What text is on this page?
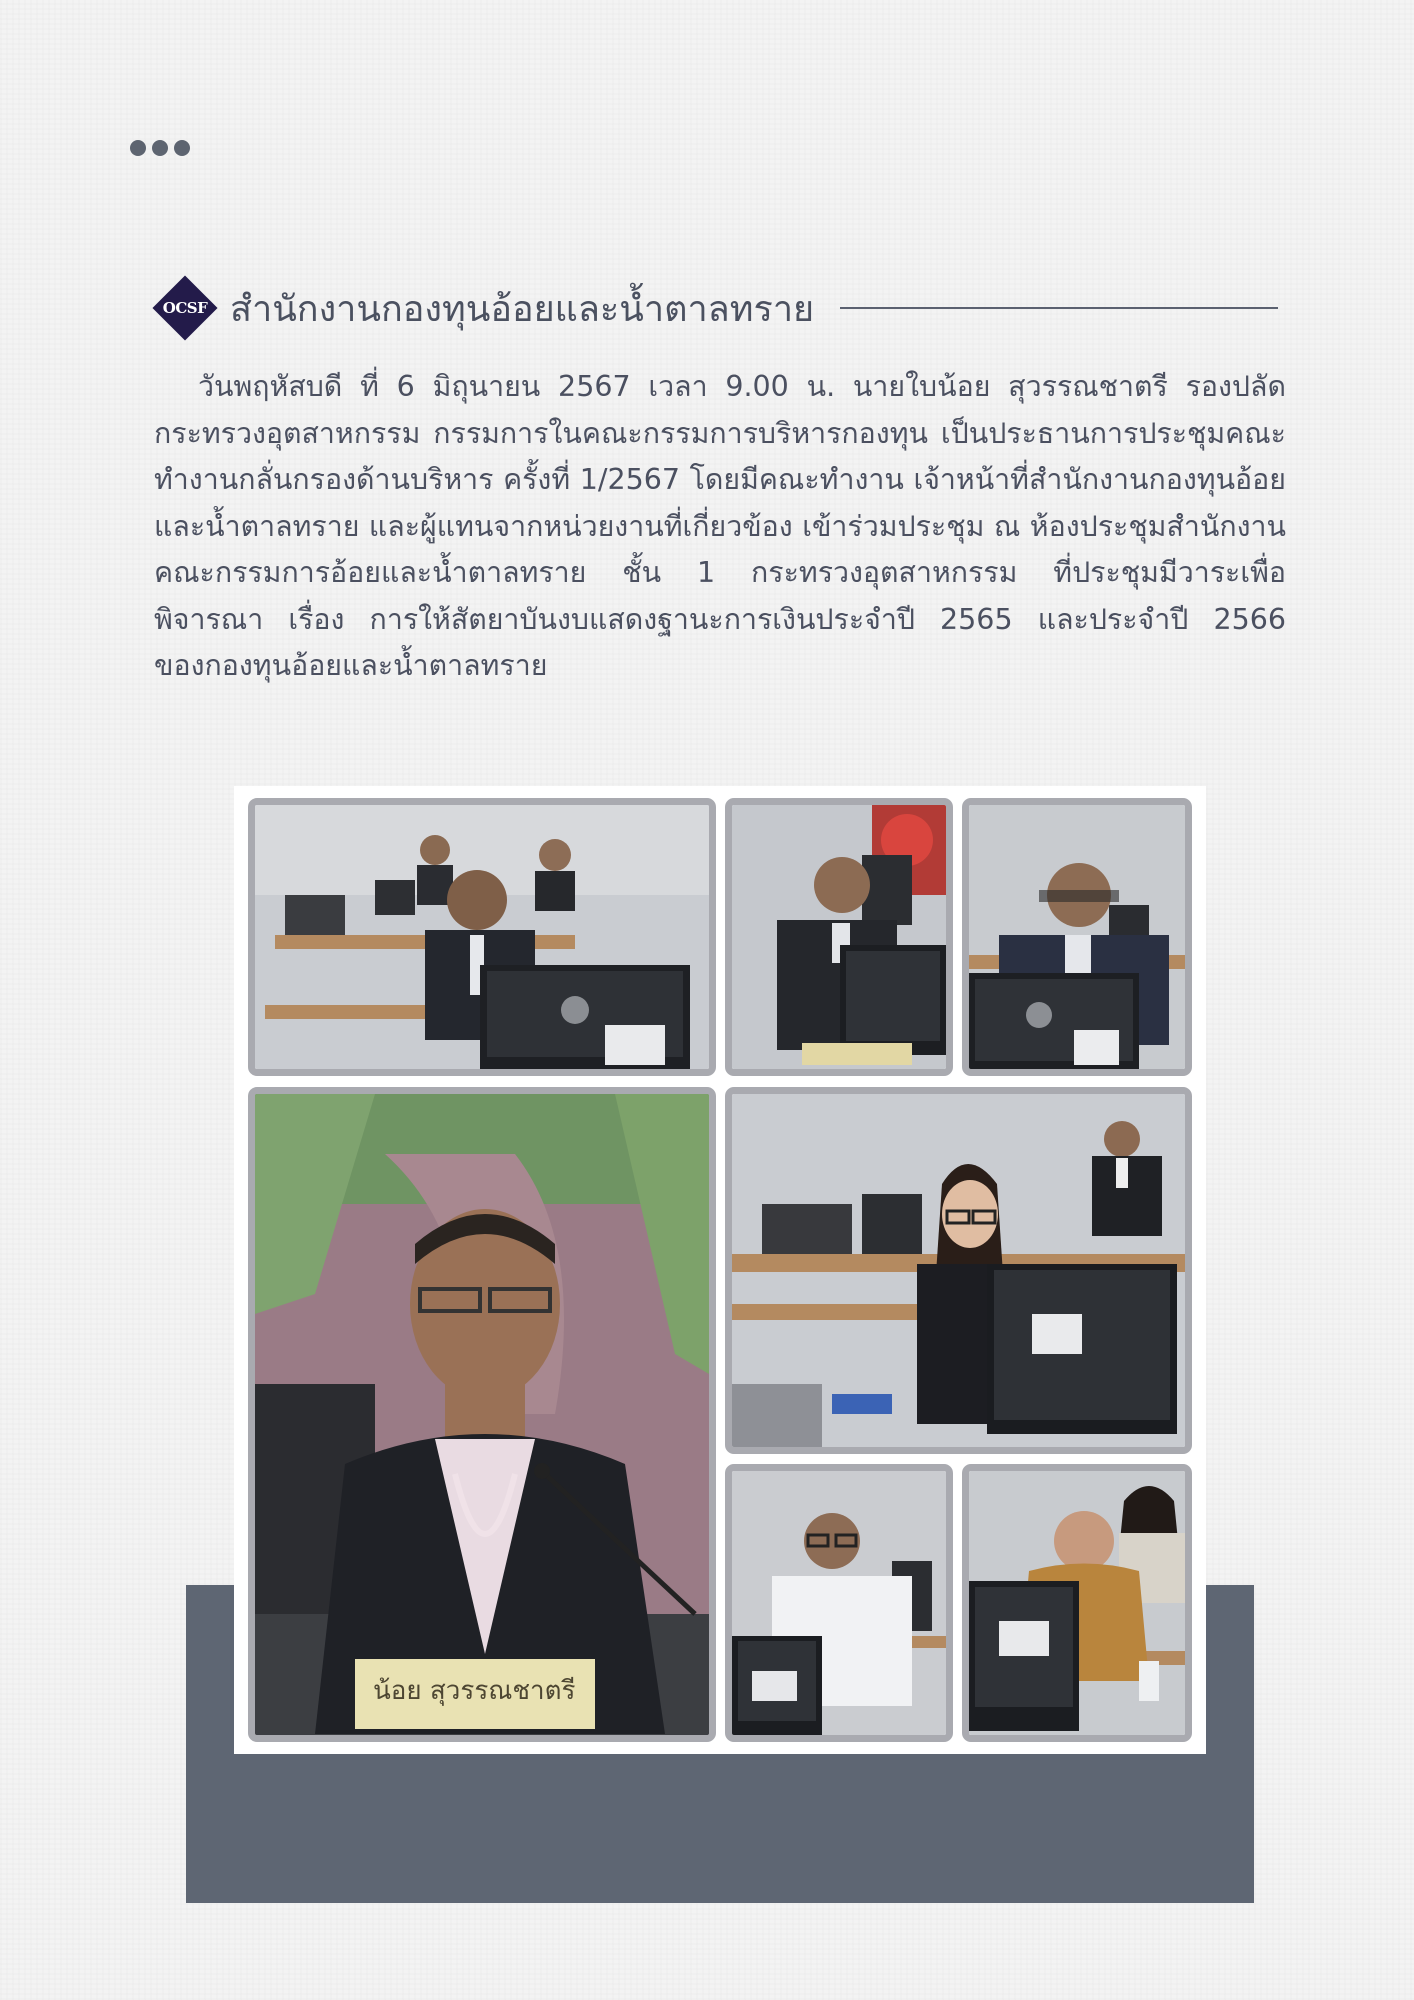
OCSF สำนักงานกองทุนอ้อยและน้ำตาลทราย

วันพฤหัสบดี ที่ 6 มิถุนายน 2567 เวลา 9.00 น. นายใบน้อย สุวรรณชาตรี รองปลัดกระทรวงอุตสาหกรรม กรรมการในคณะกรรมการบริหารกองทุน เป็นประธานการประชุมคณะทำงานกลั่นกรองด้านบริหาร ครั้งที่ 1/2567 โดยมีคณะทำงาน เจ้าหน้าที่สำนักงานกองทุนอ้อยและน้ำตาลทราย และผู้แทนจากหน่วยงานที่เกี่ยวข้อง เข้าร่วมประชุม ณ ห้องประชุมสำนักงานคณะกรรมการอ้อยและน้ำตาลทราย ชั้น 1 กระทรวงอุตสาหกรรม ที่ประชุมมีวาระเพื่อพิจารณา เรื่อง การให้สัตยาบันงบแสดงฐานะการเงินประจำปี 2565 และประจำปี 2566 ของกองทุนอ้อยและน้ำตาลทราย

น้อย สุวรรณชาตรี
